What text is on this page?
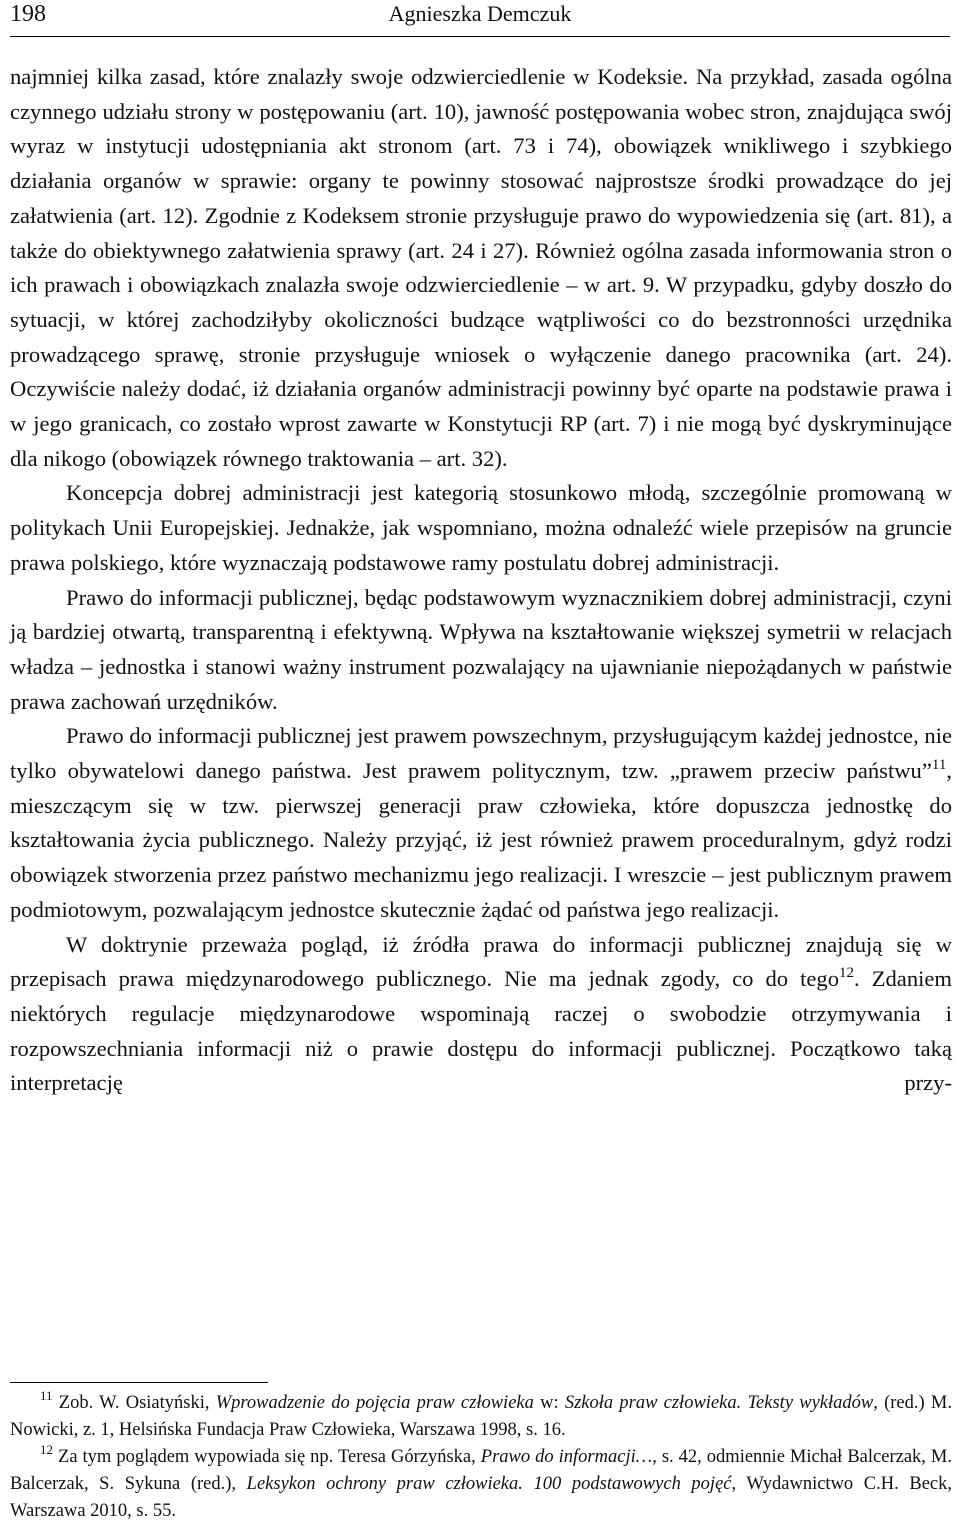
198	Agnieszka Demczuk

najmniej kilka zasad, które znalazły swoje odzwierciedlenie w Kodeksie. Na przykład, zasada ogólna czynnego udziału strony w postępowaniu (art. 10), jawność postępowania wobec stron, znajdująca swój wyraz w instytucji udostępniania akt stronom (art. 73 i 74), obowiązek wnikliwego i szybkiego działania organów w sprawie: organy te powinny stosować najprostsze środki prowadzące do jej załatwienia (art. 12). Zgodnie z Kodeksem stronie przysługuje prawo do wypowiedzenia się (art. 81), a także do obiektywnego załatwienia sprawy (art. 24 i 27). Również ogólna zasada informowania stron o ich prawach i obowiązkach znalazła swoje odzwierciedlenie – w art. 9. W przypadku, gdyby doszło do sytuacji, w której zachodziłyby okoliczności budzące wątpliwości co do bezstronności urzędnika prowadzącego sprawę, stronie przysługuje wniosek o wyłączenie danego pracownika (art. 24). Oczywiście należy dodać, iż działania organów administracji powinny być oparte na podstawie prawa i w jego granicach, co zostało wprost zawarte w Konstytucji RP (art. 7) i nie mogą być dyskryminujące dla nikogo (obowiązek równego traktowania – art. 32).

Koncepcja dobrej administracji jest kategorią stosunkowo młodą, szczególnie promowaną w politykach Unii Europejskiej. Jednakże, jak wspomniano, można odnaleźć wiele przepisów na gruncie prawa polskiego, które wyznaczają podstawowe ramy postulatu dobrej administracji.

Prawo do informacji publicznej, będąc podstawowym wyznacznikiem dobrej administracji, czyni ją bardziej otwartą, transparentną i efektywną. Wpływa na kształtowanie większej symetrii w relacjach władza – jednostka i stanowi ważny instrument pozwalający na ujawnianie niepożądanych w państwie prawa zachowań urzędników.

Prawo do informacji publicznej jest prawem powszechnym, przysługującym każdej jednostce, nie tylko obywatelowi danego państwa. Jest prawem politycznym, tzw. „prawem przeciw państwu”$^{11}$, mieszczącym się w tzw. pierwszej generacji praw człowieka, które dopuszcza jednostkę do kształtowania życia publicznego. Należy przyjąć, iż jest również prawem proceduralnym, gdyż rodzi obowiązek stworzenia przez państwo mechanizmu jego realizacji. I wreszcie – jest publicznym prawem podmiotowym, pozwalającym jednostce skutecznie żądać od państwa jego realizacji.

W doktrynie przeważa pogląd, iż źródła prawa do informacji publicznej znajdują się w przepisach prawa międzynarodowego publicznego. Nie ma jednak zgody, co do tego$^{12}$. Zdaniem niektórych regulacje międzynarodowe wspominają raczej o swobodzie otrzymywania i rozpowszechniania informacji niż o prawie dostępu do informacji publicznej. Początkowo taką interpretację przy-

$^{11}$ Zob. W. Osiatyński, Wprowadzenie do pojęcia praw człowieka w: Szkoła praw człowieka. Teksty wykładów, (red.) M. Nowicki, z. 1, Helsińska Fundacja Praw Człowieka, Warszawa 1998, s. 16.

$^{12}$ Za tym poglądem wypowiada się np. Teresa Górzyńska, Prawo do informacji…, s. 42, odmiennie Michał Balcerzak, M. Balcerzak, S. Sykuna (red.), Leksykon ochrony praw człowieka. 100 podstawowych pojęć, Wydawnictwo C.H. Beck, Warszawa 2010, s. 55.
